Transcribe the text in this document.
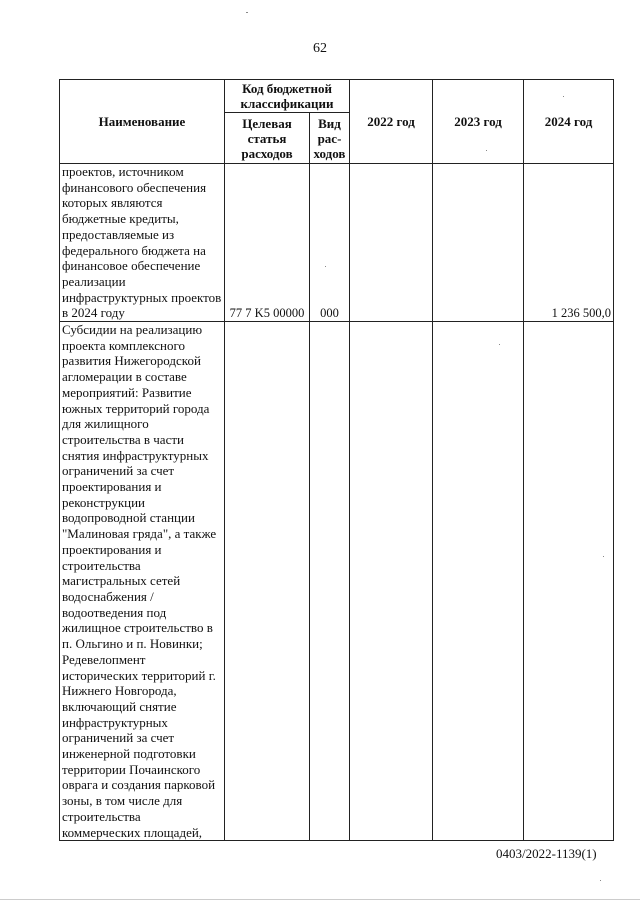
62
Наименование	Код бюджетной классификации		2022 год	2023 год	2024 год
	Целевая статья расходов	Вид рас-ходов			
проектов, источником финансового обеспечения которых являются бюджетные кредиты, предоставляемые из федерального бюджета на финансовое обеспечение реализации инфраструктурных проектов в 2024 году	77 7 K5 00000	000			1 236 500,0
Субсидии на реализацию проекта комплексного развития Нижегородской агломерации в составе мероприятий: Развитие южных территорий города для жилищного строительства в части снятия инфраструктурных ограничений за счет проектирования и реконструкции водопроводной станции "Малиновая гряда", а также проектирования и строительства магистральных сетей водоснабжения / водоотведения под жилищное строительство в п. Ольгино и п. Новинки; Редевелопмент исторических территорий г. Нижнего Новгорода, включающий снятие инфраструктурных ограничений за счет инженерной подготовки территории Почаинского оврага и создания парковой зоны, в том числе для строительства коммерческих площадей,					
0403/2022-1139(1)
